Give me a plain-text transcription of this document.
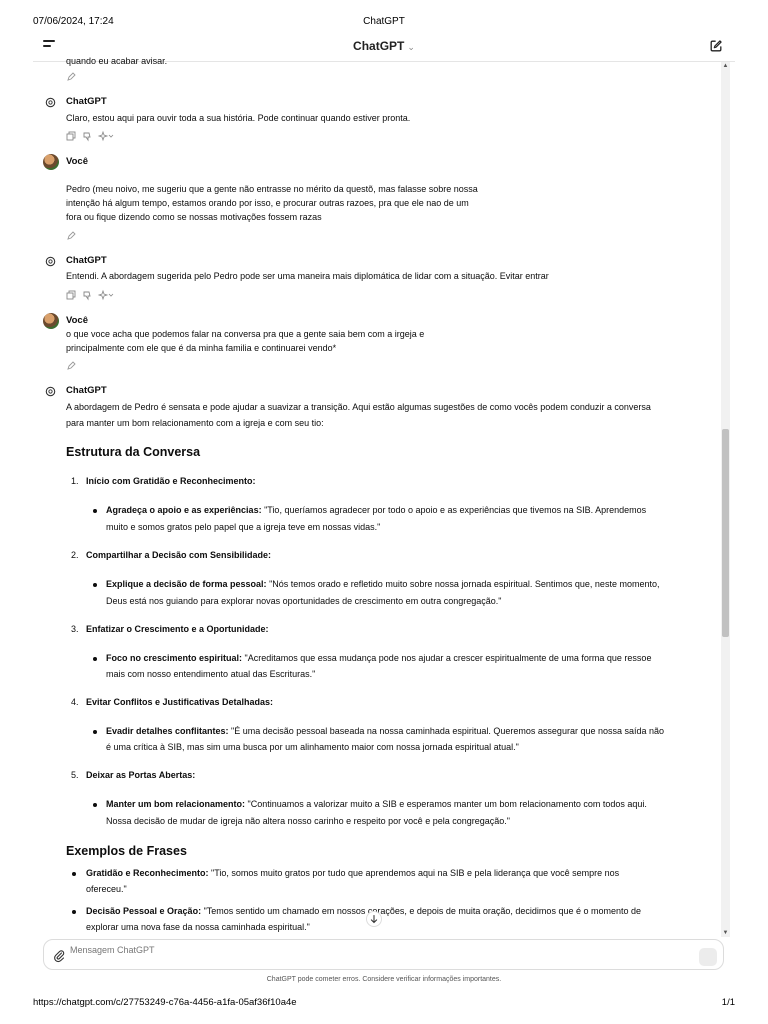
07/06/2024, 17:24	ChatGPT
ChatGPT ⌄
quando eu acabar avisar.
ChatGPT
Claro, estou aqui para ouvir toda a sua história. Pode continuar quando estiver pronta.
Você
Pedro (meu noivo, me sugeriu que a gente não entrasse no mérito da questõ, mas falasse sobre nossa
intenção há algum tempo, estamos orando por isso, e procurar outras razoes, pra que ele nao de um
fora ou fique dizendo como se nossas motivações fossem razas
ChatGPT
Entendi. A abordagem sugerida pelo Pedro pode ser uma maneira mais diplomática de lidar com a situação. Evitar entrar
Você
o que voce acha que podemos falar na conversa pra que a gente saia bem com a irgeja e
principalmente com ele que é da minha familia e continuarei vendo*
ChatGPT
A abordagem de Pedro é sensata e pode ajudar a suavizar a transição. Aqui estão algumas sugestões de como vocês podem conduzir a conversa
para manter um bom relacionamento com a igreja e com seu tio:
Estrutura da Conversa
1. Início com Gratidão e Reconhecimento:
Agradeça o apoio e as experiências: "Tio, queríamos agradecer por todo o apoio e as experiências que tivemos na SIB. Aprendemos
muito e somos gratos pelo papel que a igreja teve em nossas vidas."
2. Compartilhar a Decisão com Sensibilidade:
Explique a decisão de forma pessoal: "Nós temos orado e refletido muito sobre nossa jornada espiritual. Sentimos que, neste momento,
Deus está nos guiando para explorar novas oportunidades de crescimento em outra congregação."
3. Enfatizar o Crescimento e a Oportunidade:
Foco no crescimento espiritual: "Acreditamos que essa mudança pode nos ajudar a crescer espiritualmente de uma forma que ressoe
mais com nosso entendimento atual das Escrituras."
4. Evitar Conflitos e Justificativas Detalhadas:
Evadir detalhes conflitantes: "É uma decisão pessoal baseada na nossa caminhada espiritual. Queremos assegurar que nossa saída não
é uma crítica à SIB, mas sim uma busca por um alinhamento maior com nossa jornada espiritual atual."
5. Deixar as Portas Abertas:
Manter um bom relacionamento: "Continuamos a valorizar muito a SIB e esperamos manter um bom relacionamento com todos aqui.
Nossa decisão de mudar de igreja não altera nosso carinho e respeito por você e pela congregação."
Exemplos de Frases
Gratidão e Reconhecimento: "Tio, somos muito gratos por tudo que aprendemos aqui na SIB e pela liderança que você sempre nos
ofereceu."
Decisão Pessoal e Oração: "Temos sentido um chamado em nossos corações, e depois de muita oração, decidimos que é o momento de
explorar uma nova fase da nossa caminhada espiritual."
▲
▼
Mensagem ChatGPT
ChatGPT pode cometer erros. Considere verificar informações importantes.
https://chatgpt.com/c/27753249-c76a-4456-a1fa-05af36f10a4e	1/1
